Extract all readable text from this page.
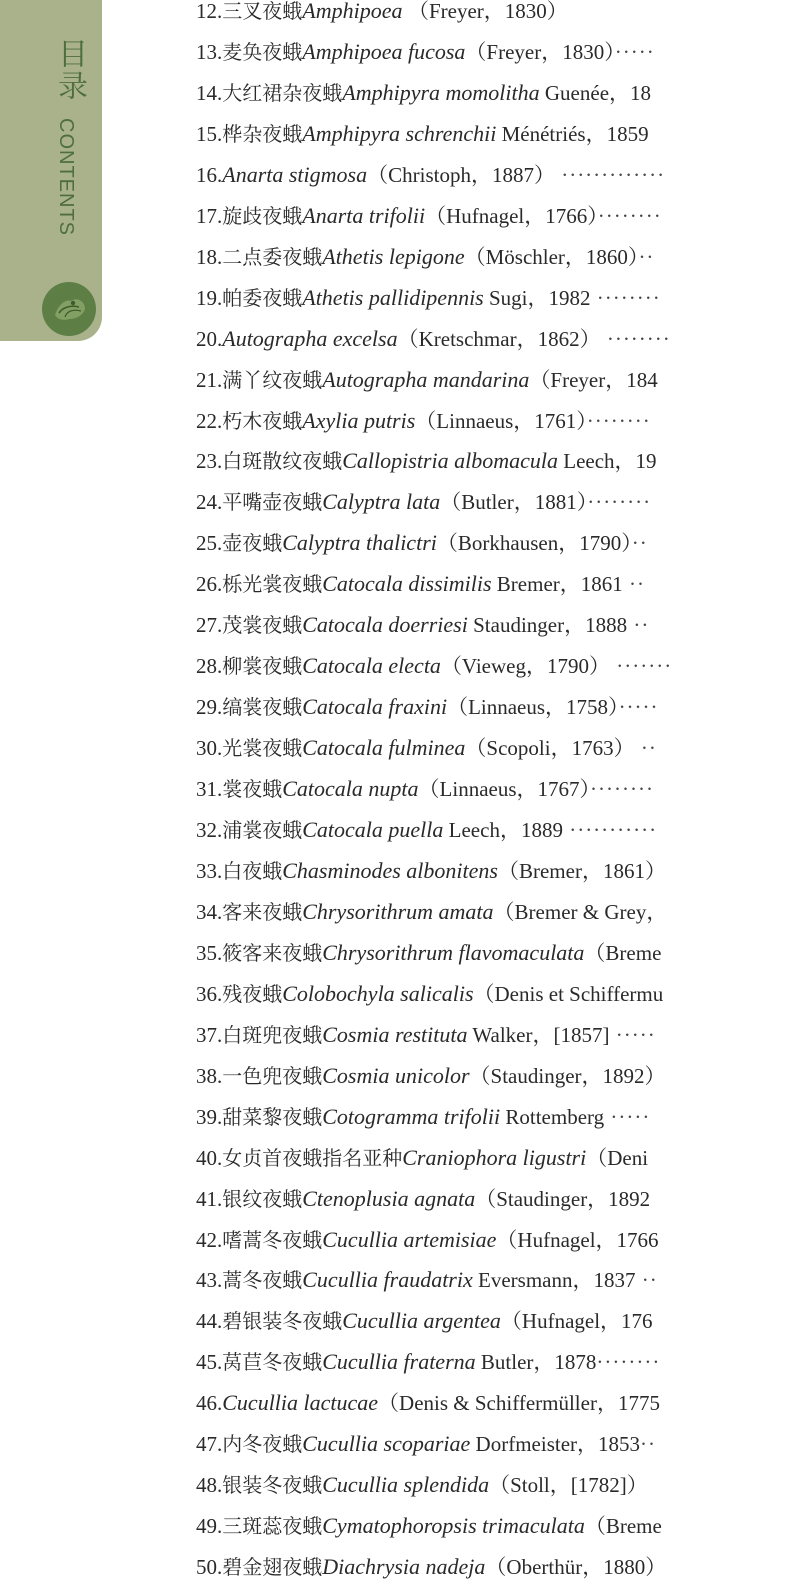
目录
CONTENTS
12.三叉夜蛾Amphipoea （Freyer，1830）
13.麦奂夜蛾Amphipoea fucosa（Freyer，1830）·····
14.大红裙杂夜蛾Amphipyra momolitha Guenée，18
15.桦杂夜蛾Amphipyra schrenchii Ménétriés，1859
16.Anarta stigmosa（Christoph，1887） ·············
17.旋歧夜蛾Anarta trifolii（Hufnagel，1766）········
18.二点委夜蛾Athetis lepigone（Möschler，1860）··
19.帕委夜蛾Athetis pallidipennis Sugi，1982 ········
20.Autographa excelsa（Kretschmar，1862） ········
21.满丫纹夜蛾Autographa mandarina（Freyer，184
22.朽木夜蛾Axylia putris（Linnaeus，1761）········
23.白斑散纹夜蛾Callopistria albomacula Leech，19
24.平嘴壶夜蛾Calyptra lata（Butler，1881）········
25.壶夜蛾Calyptra thalictri（Borkhausen，1790）··
26.栎光裳夜蛾Catocala dissimilis Bremer，1861 ··
27.茂裳夜蛾Catocala doerriesi Staudinger，1888 ··
28.柳裳夜蛾Catocala electa（Vieweg，1790） ·······
29.缟裳夜蛾Catocala fraxini（Linnaeus，1758）·····
30.光裳夜蛾Catocala fulminea（Scopoli，1763） ··
31.裳夜蛾Catocala nupta（Linnaeus，1767）········
32.浦裳夜蛾Catocala puella Leech，1889 ···········
33.白夜蛾Chasminodes albonitens（Bremer，1861）
34.客来夜蛾Chrysorithrum amata（Bremer & Grey，
35.筱客来夜蛾Chrysorithrum flavomaculata（Breme
36.残夜蛾Colobochyla salicalis（Denis et Schiffermu
37.白斑兜夜蛾Cosmia restituta Walker，[1857] ·····
38.一色兜夜蛾Cosmia unicolor（Staudinger，1892）
39.甜菜黎夜蛾Cotogramma trifolii Rottemberg ·····
40.女贞首夜蛾指名亚种Craniophora ligustri（Deni
41.银纹夜蛾Ctenoplusia agnata（Staudinger，1892
42.嗜蒿冬夜蛾Cucullia artemisiae（Hufnagel，1766
43.蒿冬夜蛾Cucullia fraudatrix Eversmann，1837 ··
44.碧银装冬夜蛾Cucullia argentea（Hufnagel，176
45.莴苣冬夜蛾Cucullia fraterna Butler，1878········
46.Cucullia lactucae（Denis & Schiffermüller，1775
47.内冬夜蛾Cucullia scopariae Dorfmeister，1853··
48.银装冬夜蛾Cucullia splendida（Stoll，[1782]）
49.三斑蕊夜蛾Cymatophoropsis trimaculata（Breme
50.碧金翅夜蛾Diachrysia nadeja（Oberthür，1880）
